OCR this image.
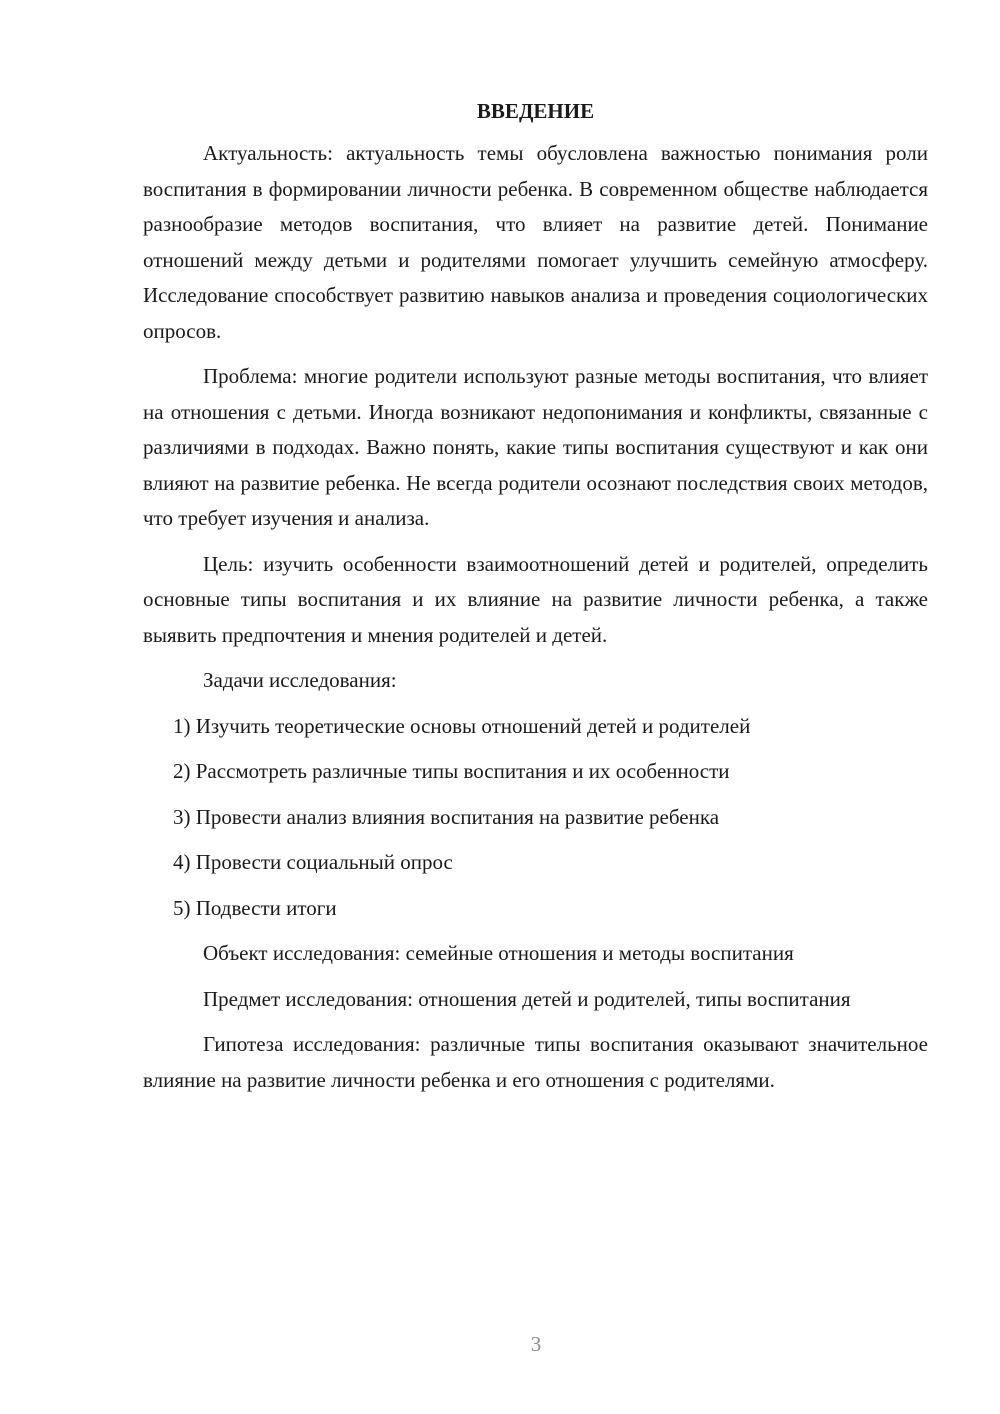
ВВЕДЕНИЕ

Актуальность: актуальность темы обусловлена важностью понимания роли воспитания в формировании личности ребенка. В современном обществе наблюдается разнообразие методов воспитания, что влияет на развитие детей. Понимание отношений между детьми и родителями помогает улучшить семейную атмосферу. Исследование способствует развитию навыков анализа и проведения социологических опросов.

Проблема: многие родители используют разные методы воспитания, что влияет на отношения с детьми. Иногда возникают недопонимания и конфликты, связанные с различиями в подходах. Важно понять, какие типы воспитания существуют и как они влияют на развитие ребенка. Не всегда родители осознают последствия своих методов, что требует изучения и анализа.

Цель: изучить особенности взаимоотношений детей и родителей, определить основные типы воспитания и их влияние на развитие личности ребенка, а также выявить предпочтения и мнения родителей и детей.

Задачи исследования:

1) Изучить теоретические основы отношений детей и родителей
2) Рассмотреть различные типы воспитания и их особенности
3) Провести анализ влияния воспитания на развитие ребенка
4) Провести социальный опрос
5) Подвести итоги

Объект исследования: семейные отношения и методы воспитания

Предмет исследования: отношения детей и родителей, типы воспитания

Гипотеза исследования: различные типы воспитания оказывают значительное влияние на развитие личности ребенка и его отношения с родителями.

3
